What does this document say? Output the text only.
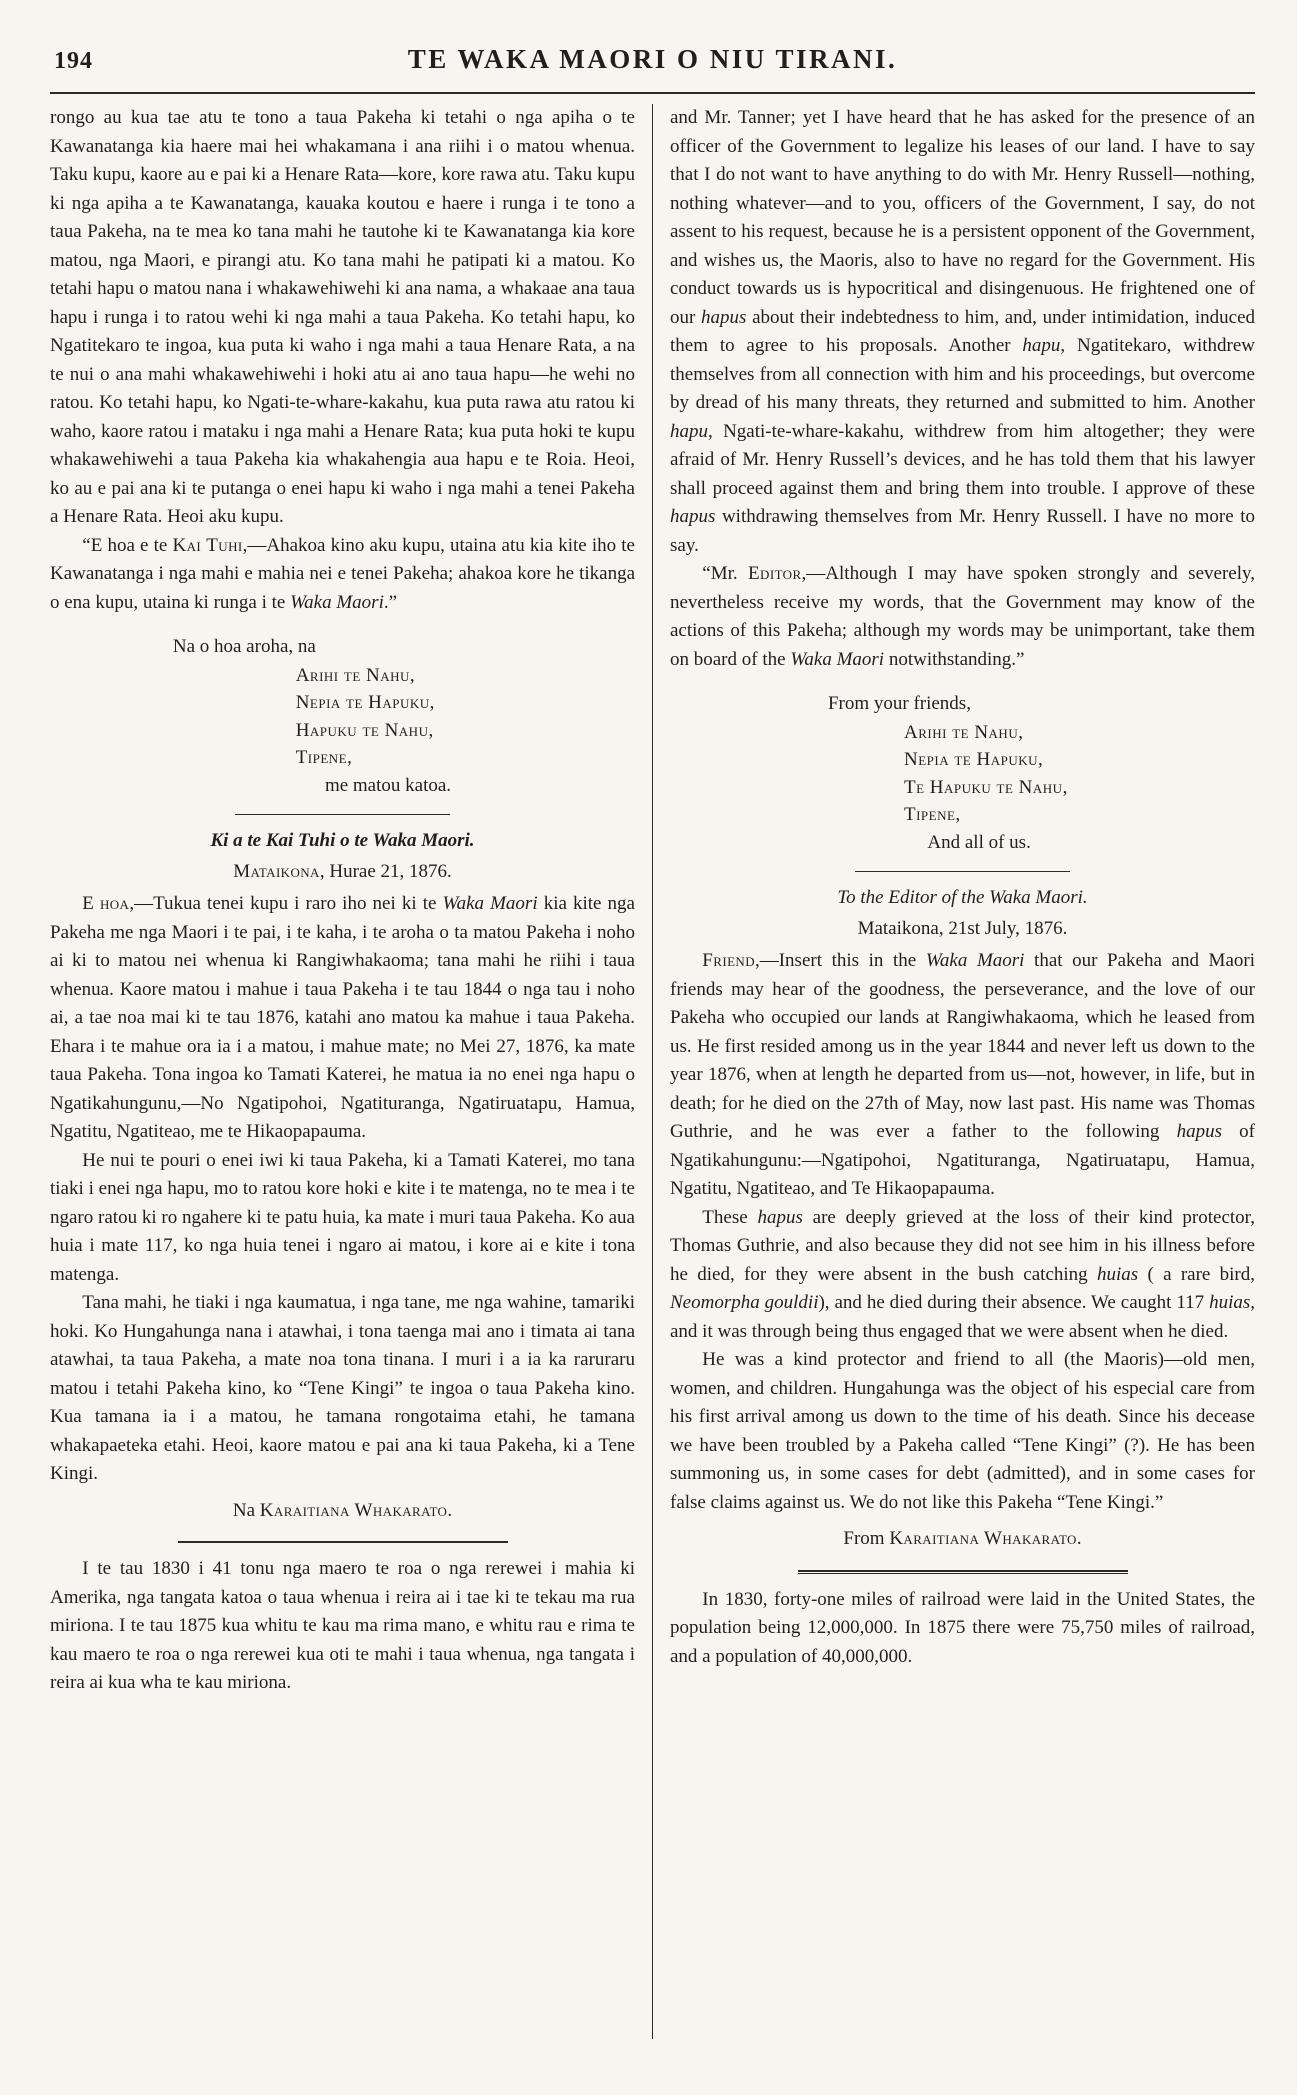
194	TE WAKA MAORI O NIU TIRANI.

rongo au kua tae atu te tono a taua Pakeha ki tetahi o nga apiha o te Kawanatanga kia haere mai hei whakamana i ana riihi i o matou whenua. Taku kupu, kaore au e pai ki a Henare Rata—kore, kore rawa atu. Taku kupu ki nga apiha a te Kawanatanga, kauaka koutou e haere i runga i te tono a taua Pakeha, na te mea ko tana mahi he tautohe ki te Kawanatanga kia kore matou, nga Maori, e pirangi atu. Ko tana mahi he patipati ki a matou. Ko tetahi hapu o matou nana i whakawehiwehi ki ana nama, a whakaae ana taua hapu i runga i to ratou wehi ki nga mahi a taua Pakeha. Ko tetahi hapu, ko Ngatitekaro te ingoa, kua puta ki waho i nga mahi a taua Henare Rata, a na te nui o ana mahi whakawehiwehi i hoki atu ai ano taua hapu—he wehi no ratou. Ko tetahi hapu, ko Ngati-te-whare-kakahu, kua puta rawa atu ratou ki waho, kaore ratou i mataku i nga mahi a Henare Rata; kua puta hoki te kupu whakawehiwehi a taua Pakeha kia whakahengia aua hapu e te Roia. Heoi, ko au e pai ana ki te putanga o enei hapu ki waho i nga mahi a tenei Pakeha a Henare Rata. Heoi aku kupu.

“E hoa e te Kai Tuhi,—Ahakoa kino aku kupu, utaina atu kia kite iho te Kawanatanga i nga mahi e mahia nei e tenei Pakeha; ahakoa kore he tikanga o ena kupu, utaina ki runga i te Waka Maori.”

Na o hoa aroha, na
Arihi te Nahu,
Nepia te Hapuku,
Hapuku te Nahu,
Tipene,
me matou katoa.
Ki a te Kai Tuhi o te Waka Maori.
Mataikona, Hurae 21, 1876.

E hoa,—Tukua tenei kupu i raro iho nei ki te Waka Maori kia kite nga Pakeha me nga Maori i te pai, i te kaha, i te aroha o ta matou Pakeha i noho ai ki to matou nei whenua ki Rangiwhakaoma; tana mahi he riihi i taua whenua. Kaore matou i mahue i taua Pakeha i te tau 1844 o nga tau i noho ai, a tae noa mai ki te tau 1876, katahi ano matou ka mahue i taua Pakeha. Ehara i te mahue ora ia i a matou, i mahue mate; no Mei 27, 1876, ka mate taua Pakeha. Tona ingoa ko Tamati Katerei, he matua ia no enei nga hapu o Ngatikahungunu,—No Ngatipohoi, Ngatituranga, Ngatiruatapu, Hamua, Ngatitu, Ngatiteao, me te Hikaopapauma.

He nui te pouri o enei iwi ki taua Pakeha, ki a Tamati Katerei, mo tana tiaki i enei nga hapu, mo to ratou kore hoki e kite i te matenga, no te mea i te ngaro ratou ki ro ngahere ki te patu huia, ka mate i muri taua Pakeha. Ko aua huia i mate 117, ko nga huia tenei i ngaro ai matou, i kore ai e kite i tona matenga.

Tana mahi, he tiaki i nga kaumatua, i nga tane, me nga wahine, tamariki hoki. Ko Hungahunga nana i atawhai, i tona taenga mai ano i timata ai tana atawhai, ta taua Pakeha, a mate noa tona tinana. I muri i a ia ka raruraru matou i tetahi Pakeha kino, ko “Tene Kingi” te ingoa o taua Pakeha kino. Kua tamana ia i a matou, he tamana rongotaima etahi, he tamana whakapaeteka etahi. Heoi, kaore matou e pai ana ki taua Pakeha, ki a Tene Kingi.

Na Karaitiana Whakarato.

I te tau 1830 i 41 tonu nga maero te roa o nga rerewei i mahia ki Amerika, nga tangata katoa o taua whenua i reira ai i tae ki te tekau ma rua miriona. I te tau 1875 kua whitu te kau ma rima mano, e whitu rau e rima te kau maero te roa o nga rerewei kua oti te mahi i taua whenua, nga tangata i reira ai kua wha te kau miriona.

and Mr. Tanner; yet I have heard that he has asked for the presence of an officer of the Government to legalize his leases of our land. I have to say that I do not want to have anything to do with Mr. Henry Russell—nothing, nothing whatever—and to you, officers of the Government, I say, do not assent to his request, because he is a persistent opponent of the Government, and wishes us, the Maoris, also to have no regard for the Government. His conduct towards us is hypocritical and disingenuous. He frightened one of our hapus about their indebtedness to him, and, under intimidation, induced them to agree to his proposals. Another hapu, Ngatitekaro, withdrew themselves from all connection with him and his proceedings, but overcome by dread of his many threats, they returned and submitted to him. Another hapu, Ngati-te-whare-kakahu, withdrew from him altogether; they were afraid of Mr. Henry Russell’s devices, and he has told them that his lawyer shall proceed against them and bring them into trouble. I approve of these hapus withdrawing themselves from Mr. Henry Russell. I have no more to say.

“Mr. Editor,—Although I may have spoken strongly and severely, nevertheless receive my words, that the Government may know of the actions of this Pakeha; although my words may be unimportant, take them on board of the Waka Maori notwithstanding.”

From your friends,
Arihi te Nahu,
Nepia te Hapuku,
Te Hapuku te Nahu,
Tipene,
And all of us.
To the Editor of the Waka Maori.
Mataikona, 21st July, 1876.

Friend,—Insert this in the Waka Maori that our Pakeha and Maori friends may hear of the goodness, the perseverance, and the love of our Pakeha who occupied our lands at Rangiwhakaoma, which he leased from us. He first resided among us in the year 1844 and never left us down to the year 1876, when at length he departed from us—not, however, in life, but in death; for he died on the 27th of May, now last past. His name was Thomas Guthrie, and he was ever a father to the following hapus of Ngatikahungunu:—Ngatipohoi, Ngatituranga, Ngatiruatapu, Hamua, Ngatitu, Ngatiteao, and Te Hikaopapauma.

These hapus are deeply grieved at the loss of their kind protector, Thomas Guthrie, and also because they did not see him in his illness before he died, for they were absent in the bush catching huias ( a rare bird, Neomorpha gouldii), and he died during their absence. We caught 117 huias, and it was through being thus engaged that we were absent when he died.

He was a kind protector and friend to all (the Maoris)—old men, women, and children. Hungahunga was the object of his especial care from his first arrival among us down to the time of his death. Since his decease we have been troubled by a Pakeha called “Tene Kingi” (?). He has been summoning us, in some cases for debt (admitted), and in some cases for false claims against us. We do not like this Pakeha “Tene Kingi.”

From Karaitiana Whakarato.

In 1830, forty-one miles of railroad were laid in the United States, the population being 12,000,000. In 1875 there were 75,750 miles of railroad, and a population of 40,000,000.
